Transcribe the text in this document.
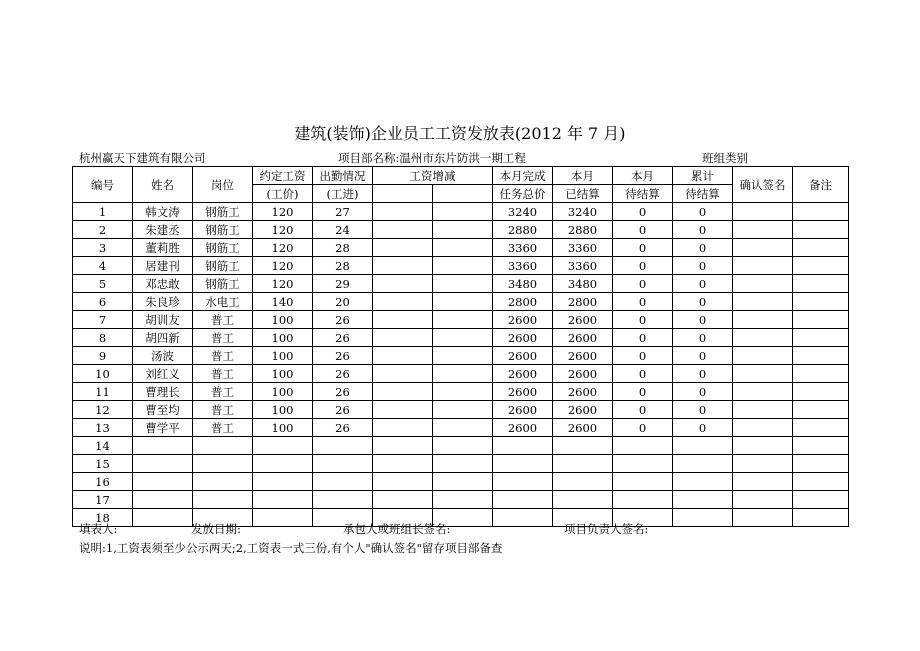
建筑(装饰)企业员工工资发放表(2012 年 7 月)
杭州赢天下建筑有限公司	项目部名称:温州市东片防洪一期工程	班组类别
编号	姓名	岗位	约定工资	出勤情况	工资增减		本月完成	本月	本月	累计	确认签名	备注
			(工价)	(工进)			任务总价	已结算	待结算	待结算		
1	韩文涛	钢筋工	120	27			3240	3240	0	0		
2	朱建丞	钢筋工	120	24			2880	2880	0	0		
3	董莉胜	钢筋工	120	28			3360	3360	0	0		
4	居建刊	钢筋工	120	28			3360	3360	0	0		
5	邓忠敢	钢筋工	120	29			3480	3480	0	0		
6	朱良珍	水电工	140	20			2800	2800	0	0		
7	胡训友	普工	100	26			2600	2600	0	0		
8	胡四新	普工	100	26			2600	2600	0	0		
9	汤波	普工	100	26			2600	2600	0	0		
10	刘红义	普工	100	26			2600	2600	0	0		
11	曹理长	普工	100	26			2600	2600	0	0		
12	曹至均	普工	100	26			2600	2600	0	0		
13	曹学平	普工	100	26			2600	2600	0	0		
14												
15												
16												
17												
18												
填表人:	发放日期:	承包人或班组长签名:	项目负责人签名:
说明:1,工资表须至少公示两天;2,工资表一式三份,有个人"确认签名"留存项目部备查
